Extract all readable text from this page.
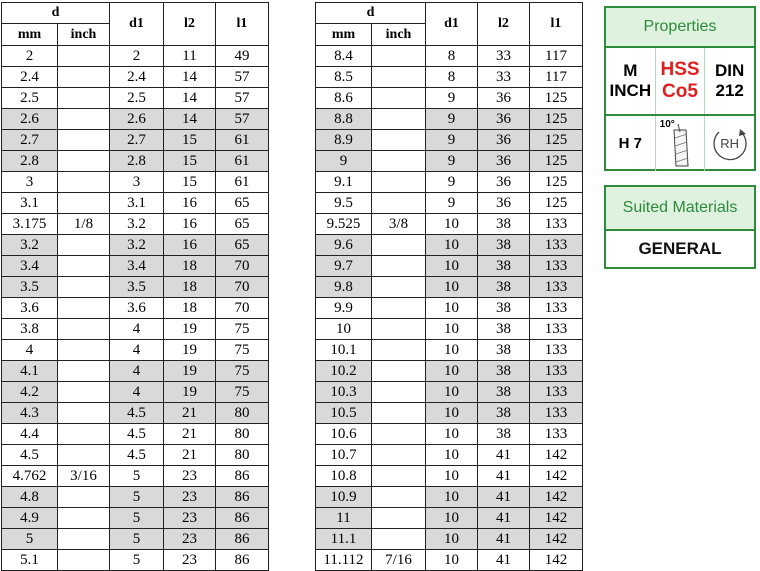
d		d1	l2	l1
mm	inch			
2		2	11	49
2.4		2.4	14	57
2.5		2.5	14	57
2.6		2.6	14	57
2.7		2.7	15	61
2.8		2.8	15	61
3		3	15	61
3.1		3.1	16	65
3.175	1/8	3.2	16	65
3.2		3.2	16	65
3.4		3.4	18	70
3.5		3.5	18	70
3.6		3.6	18	70
3.8		4	19	75
4		4	19	75
4.1		4	19	75
4.2		4	19	75
4.3		4.5	21	80
4.4		4.5	21	80
4.5		4.5	21	80
4.762	3/16	5	23	86
4.8		5	23	86
4.9		5	23	86
5		5	23	86
5.1		5	23	86
d		d1	l2	l1
mm	inch			
8.4		8	33	117
8.5		8	33	117
8.6		9	36	125
8.8		9	36	125
8.9		9	36	125
9		9	36	125
9.1		9	36	125
9.5		9	36	125
9.525	3/8	10	38	133
9.6		10	38	133
9.7		10	38	133
9.8		10	38	133
9.9		10	38	133
10		10	38	133
10.1		10	38	133
10.2		10	38	133
10.3		10	38	133
10.5		10	38	133
10.6		10	38	133
10.7		10	41	142
10.8		10	41	142
10.9		10	41	142
11		10	41	142
11.1		10	41	142
11.112	7/16	10	41	142
Properties
M
INCH
HSS
Co5
DIN
212
H 7
10°
RH
Suited Materials
GENERAL
